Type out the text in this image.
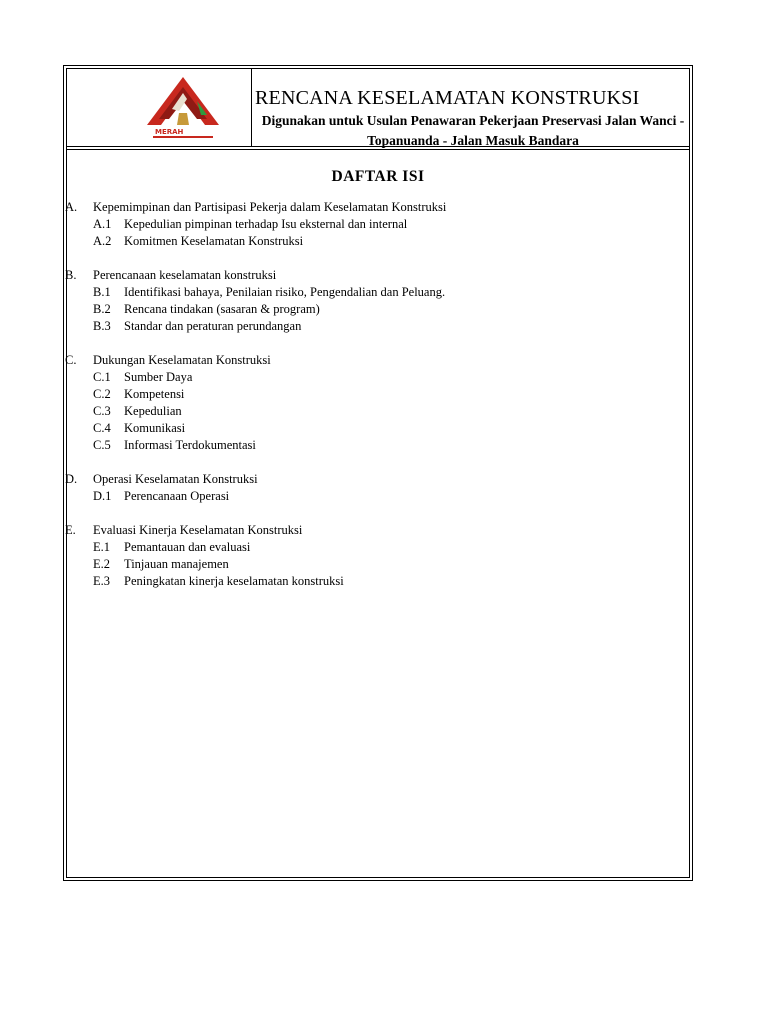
MERAH
RENCANA KESELAMATAN KONSTRUKSI
Digunakan untuk Usulan Penawaran Pekerjaan Preservasi Jalan Wanci -
Topanuanda - Jalan Masuk Bandara
DAFTAR ISI
A. Kepemimpinan dan Partisipasi Pekerja dalam Keselamatan Konstruksi
A.1 Kepedulian pimpinan terhadap Isu eksternal dan internal
A.2 Komitmen Keselamatan Konstruksi
B. Perencanaan keselamatan konstruksi
B.1 Identifikasi bahaya, Penilaian risiko, Pengendalian dan Peluang.
B.2 Rencana tindakan (sasaran & program)
B.3 Standar dan peraturan perundangan
C. Dukungan Keselamatan Konstruksi
C.1 Sumber Daya
C.2 Kompetensi
C.3 Kepedulian
C.4 Komunikasi
C.5 Informasi Terdokumentasi
D. Operasi Keselamatan Konstruksi
D.1 Perencanaan Operasi
E. Evaluasi Kinerja Keselamatan Konstruksi
E.1 Pemantauan dan evaluasi
E.2 Tinjauan manajemen
E.3 Peningkatan kinerja keselamatan konstruksi
